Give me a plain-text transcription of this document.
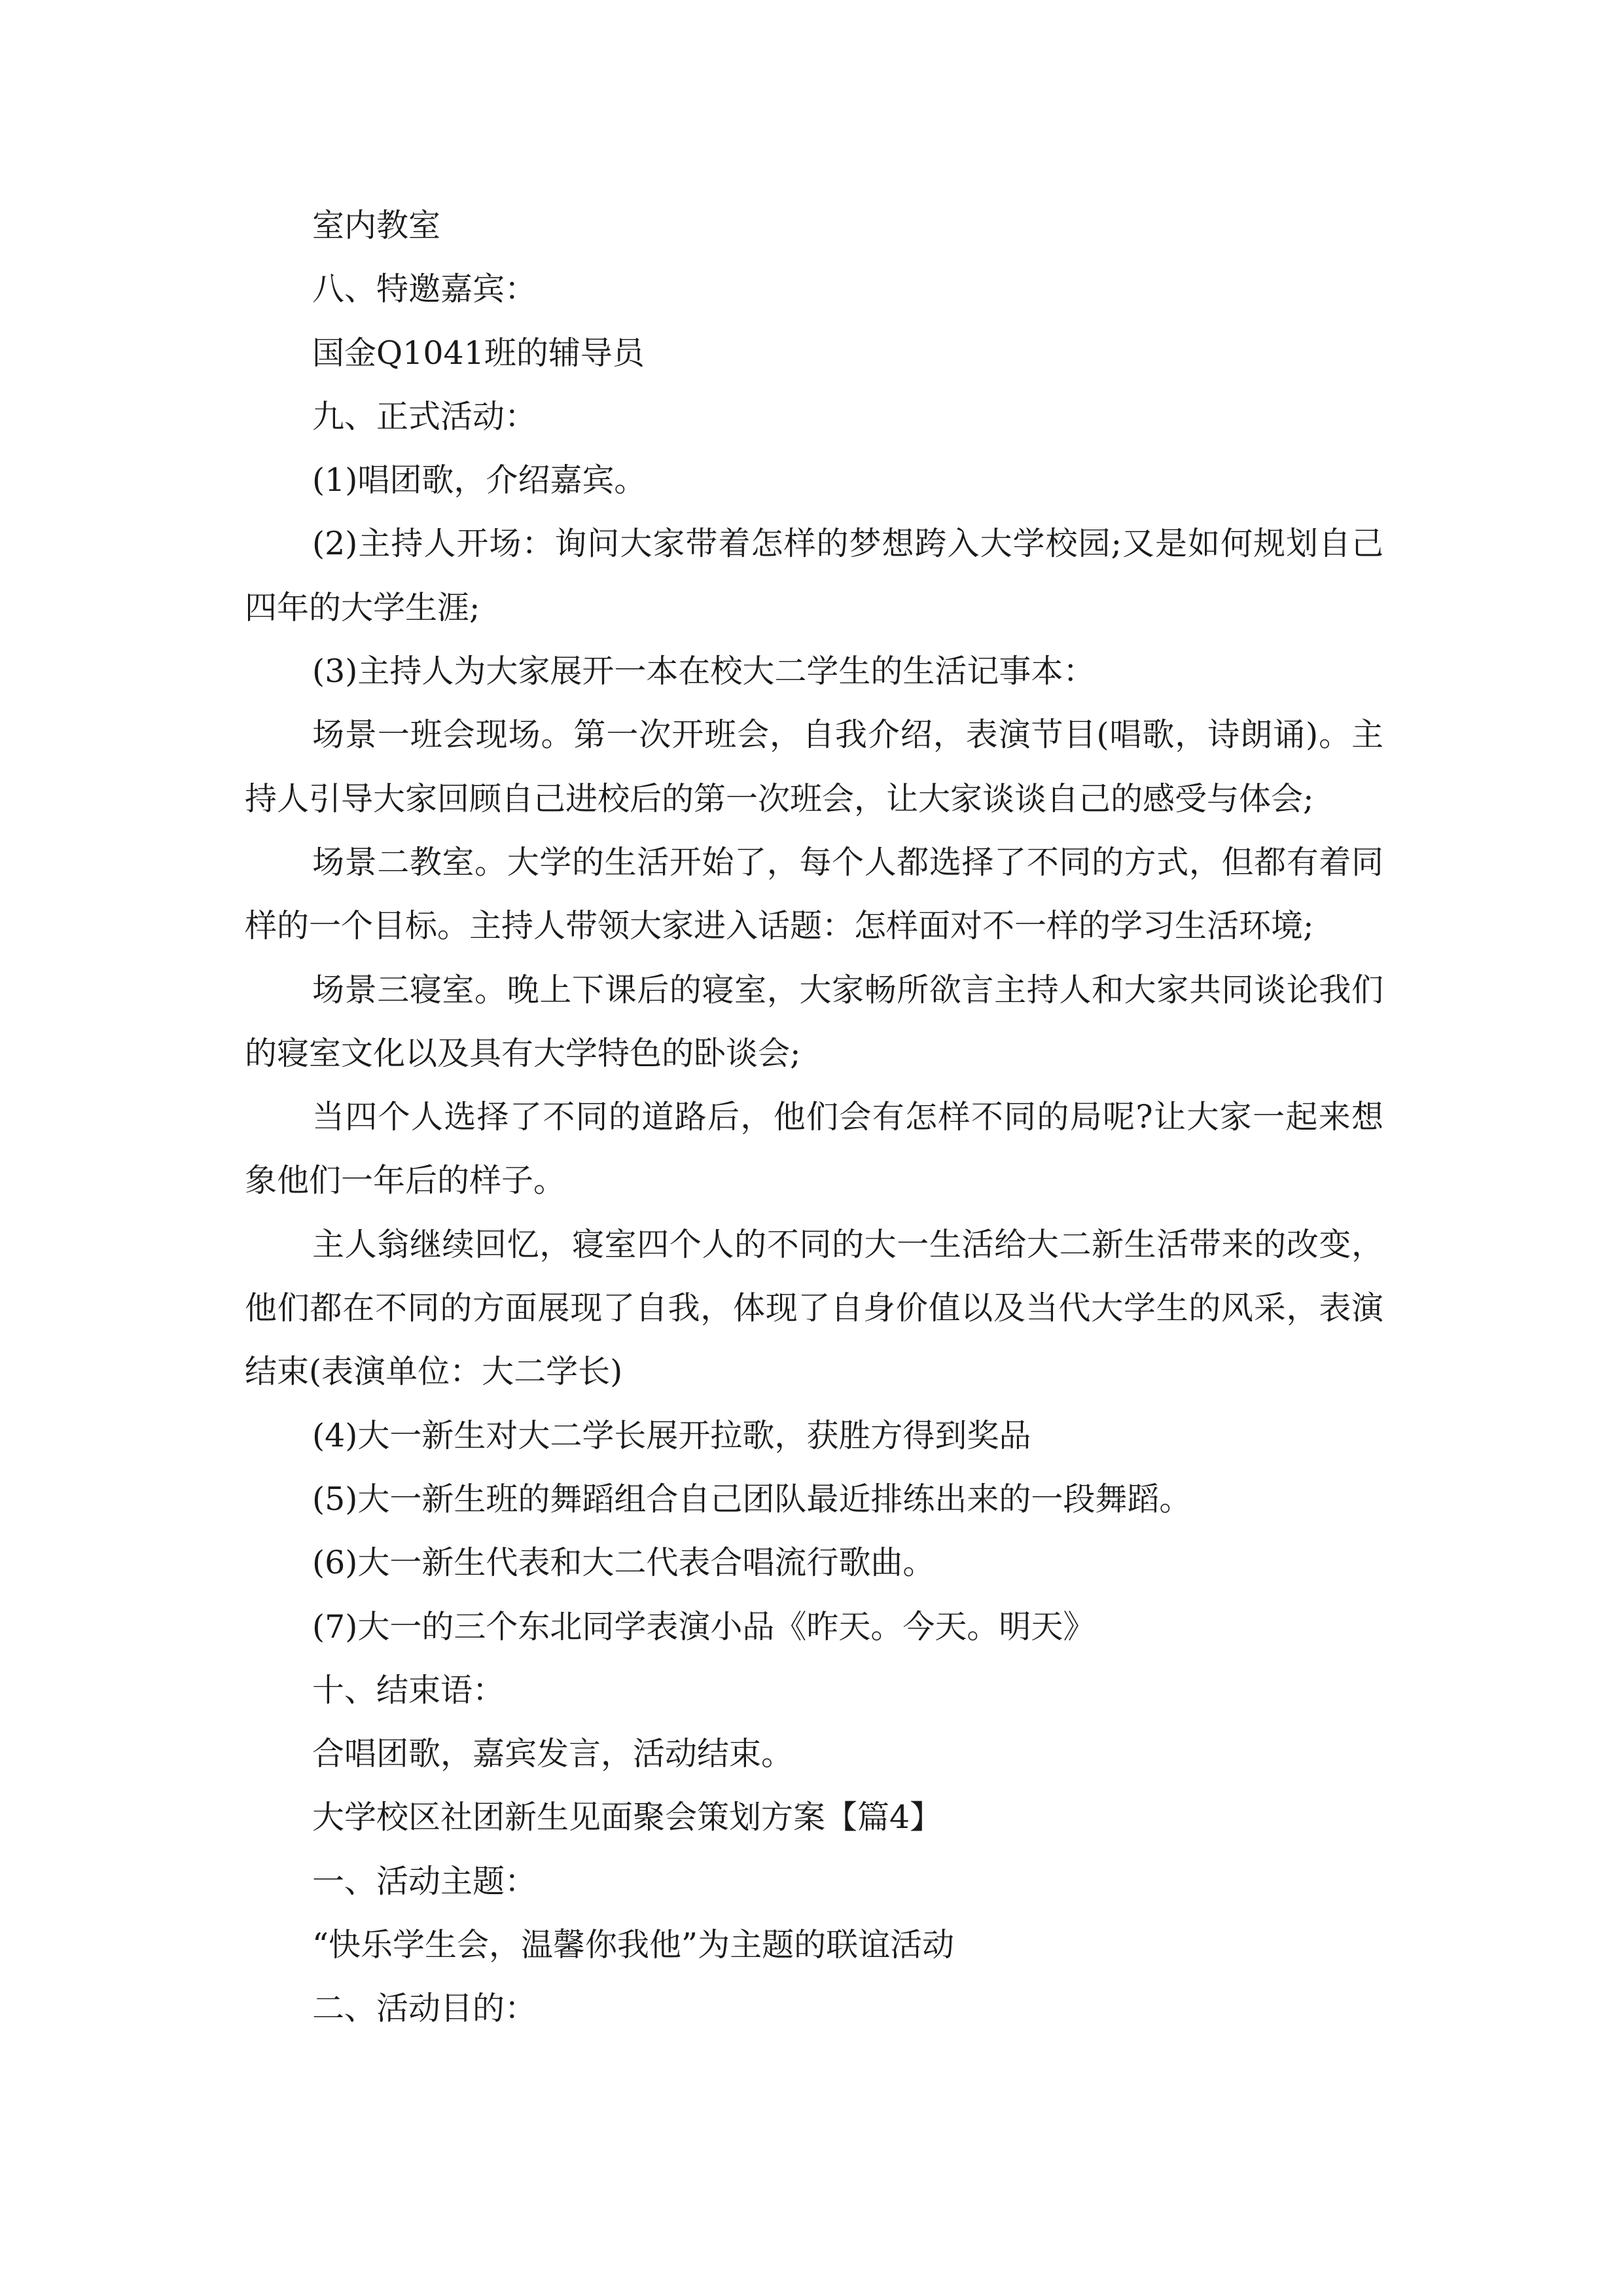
室内教室

八、特邀嘉宾：

国金Q1041班的辅导员

九、正式活动：

(1)唱团歌，介绍嘉宾。

(2)主持人开场：询问大家带着怎样的梦想跨入大学校园;又是如何规划自己四年的大学生涯;

(3)主持人为大家展开一本在校大二学生的生活记事本：

场景一班会现场。第一次开班会，自我介绍，表演节目(唱歌，诗朗诵)。主持人引导大家回顾自己进校后的第一次班会，让大家谈谈自己的感受与体会;

场景二教室。大学的生活开始了，每个人都选择了不同的方式，但都有着同样的一个目标。主持人带领大家进入话题：怎样面对不一样的学习生活环境;

场景三寝室。晚上下课后的寝室，大家畅所欲言主持人和大家共同谈论我们的寝室文化以及具有大学特色的卧谈会;

当四个人选择了不同的道路后，他们会有怎样不同的局呢?让大家一起来想象他们一年后的样子。

主人翁继续回忆，寝室四个人的不同的大一生活给大二新生活带来的改变，他们都在不同的方面展现了自我，体现了自身价值以及当代大学生的风采，表演结束(表演单位：大二学长)

(4)大一新生对大二学长展开拉歌，获胜方得到奖品

(5)大一新生班的舞蹈组合自己团队最近排练出来的一段舞蹈。

(6)大一新生代表和大二代表合唱流行歌曲。

(7)大一的三个东北同学表演小品《昨天。今天。明天》

十、结束语：

合唱团歌，嘉宾发言，活动结束。

大学校区社团新生见面聚会策划方案【篇4】

一、活动主题：

“快乐学生会，温馨你我他”为主题的联谊活动

二、活动目的：
